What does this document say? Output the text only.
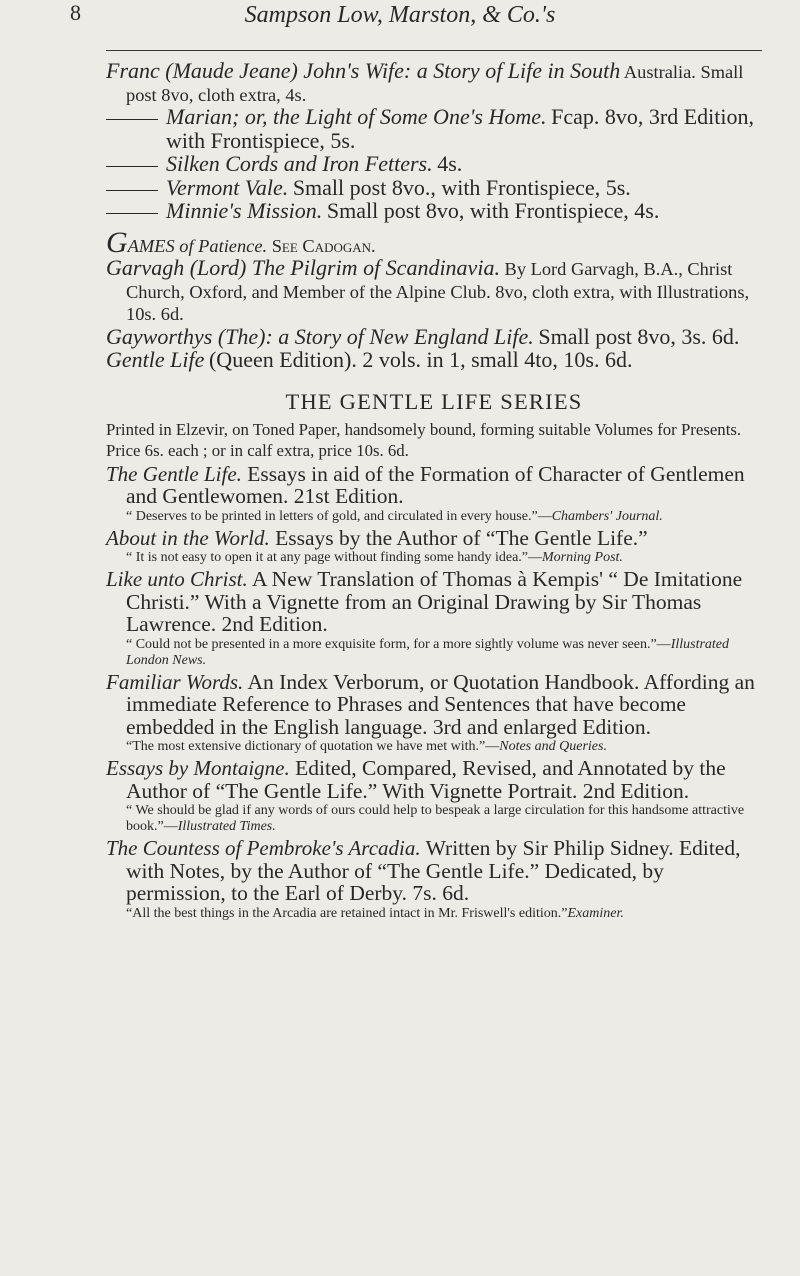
8	Sampson Low, Marston, & Co.'s

Franc (Maude Jeane) John's Wife: a Story of Life in South Australia. Small post 8vo, cloth extra, 4s.

Marian; or, the Light of Some One's Home. Fcap. 8vo, 3rd Edition, with Frontispiece, 5s.

Silken Cords and Iron Fetters. 4s.

Vermont Vale. Small post 8vo., with Frontispiece, 5s.

Minnie's Mission. Small post 8vo, with Frontispiece, 4s.

GAMES of Patience. See Cadogan.

Garvagh (Lord) The Pilgrim of Scandinavia. By Lord Garvagh, B.A., Christ Church, Oxford, and Member of the Alpine Club. 8vo, cloth extra, with Illustrations, 10s. 6d.

Gayworthys (The): a Story of New England Life. Small post 8vo, 3s. 6d.

Gentle Life (Queen Edition). 2 vols. in 1, small 4to, 10s. 6d.

THE GENTLE LIFE SERIES

Printed in Elzevir, on Toned Paper, handsomely bound, forming suitable Volumes for Presents. Price 6s. each ; or in calf extra, price 10s. 6d.

The Gentle Life. Essays in aid of the Formation of Character of Gentlemen and Gentlewomen. 21st Edition.

“ Deserves to be printed in letters of gold, and circulated in every house.”—Chambers' Journal.

About in the World. Essays by the Author of “The Gentle Life.”

“ It is not easy to open it at any page without finding some handy idea.”—Morning Post.

Like unto Christ. A New Translation of Thomas à Kempis' “ De Imitatione Christi.” With a Vignette from an Original Drawing by Sir Thomas Lawrence. 2nd Edition.

“ Could not be presented in a more exquisite form, for a more sightly volume was never seen.”—Illustrated London News.

Familiar Words. An Index Verborum, or Quotation Handbook. Affording an immediate Reference to Phrases and Sentences that have become embedded in the English language. 3rd and enlarged Edition.

“The most extensive dictionary of quotation we have met with.”—Notes and Queries.

Essays by Montaigne. Edited, Compared, Revised, and Annotated by the Author of “The Gentle Life.” With Vignette Portrait. 2nd Edition.

“ We should be glad if any words of ours could help to bespeak a large circulation for this handsome attractive book.”—Illustrated Times.

The Countess of Pembroke's Arcadia. Written by Sir Philip Sidney. Edited, with Notes, by the Author of “The Gentle Life.” Dedicated, by permission, to the Earl of Derby. 7s. 6d.

“All the best things in the Arcadia are retained intact in Mr. Friswell's edition.”Examiner.
